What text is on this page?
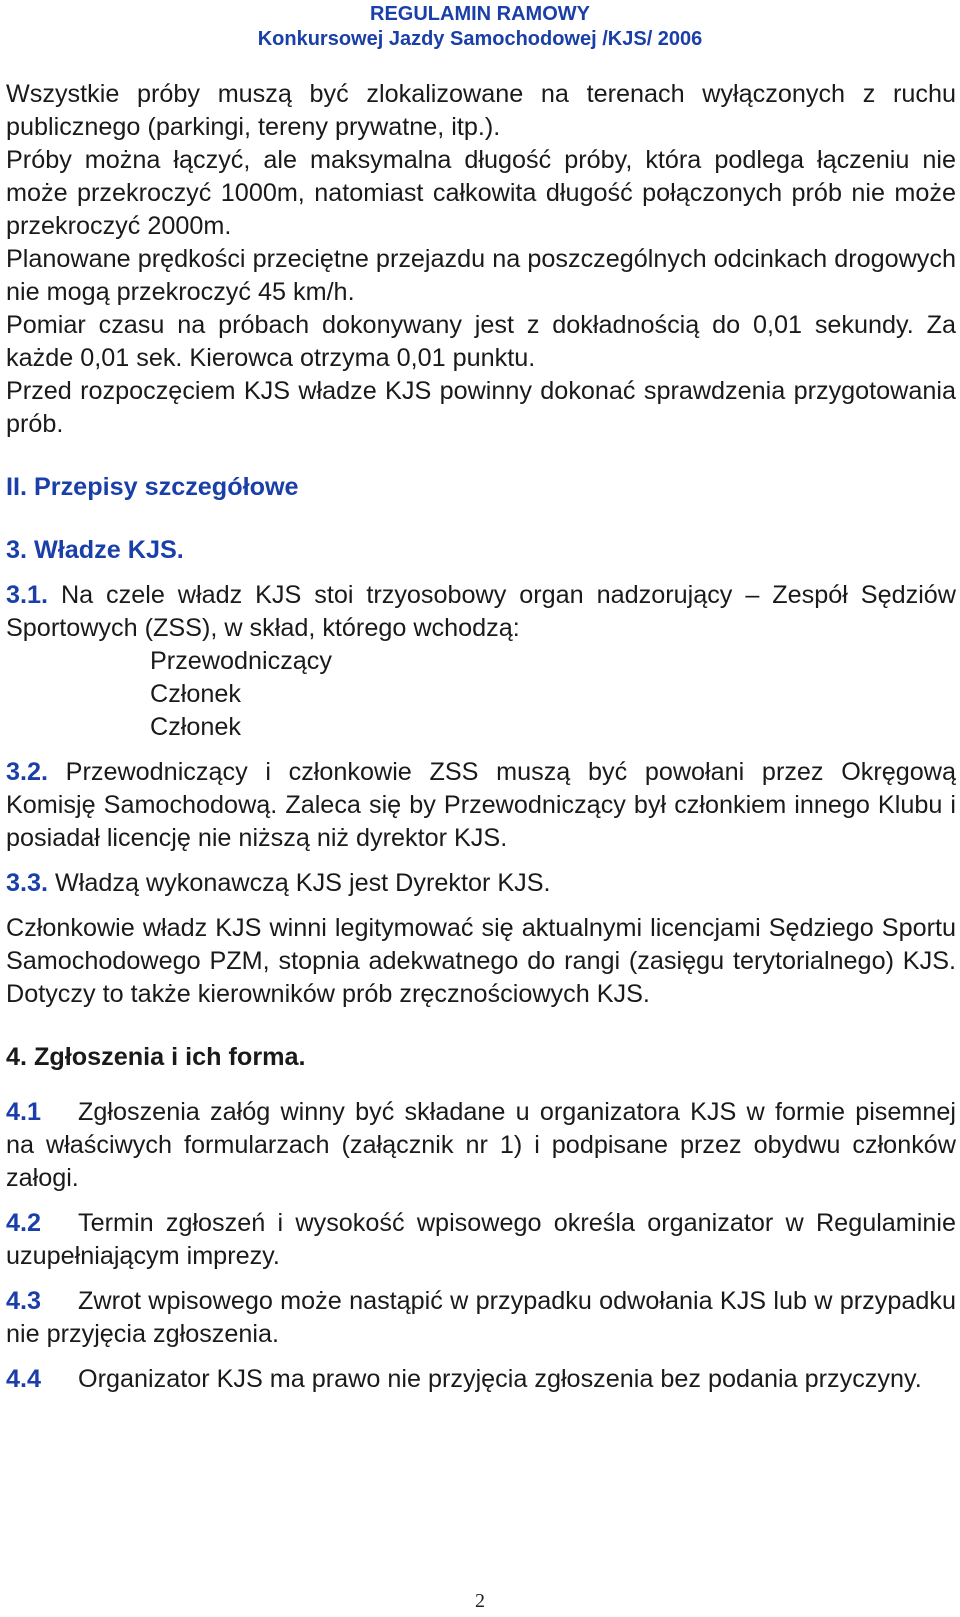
REGULAMIN RAMOWY
Konkursowej Jazdy Samochodowej /KJS/ 2006

Wszystkie próby muszą być zlokalizowane na terenach wyłączonych z ruchu publicznego (parkingi, tereny prywatne, itp.).

Próby można łączyć, ale maksymalna długość próby, która podlega łączeniu nie może przekroczyć 1000m, natomiast całkowita długość połączonych prób nie może przekroczyć 2000m.

Planowane prędkości przeciętne przejazdu na poszczególnych odcinkach drogowych nie mogą przekroczyć 45 km/h.

Pomiar czasu na próbach dokonywany jest z dokładnością do 0,01 sekundy. Za każde 0,01 sek. Kierowca otrzyma 0,01 punktu.

Przed rozpoczęciem KJS władze KJS powinny dokonać sprawdzenia przygotowania prób.

II. Przepisy szczegółowe

3. Władze KJS.

3.1. Na czele władz KJS stoi trzyosobowy organ nadzorujący – Zespół Sędziów Sportowych (ZSS), w skład, którego wchodzą:

Przewodniczący
Członek
Członek

3.2. Przewodniczący i członkowie ZSS muszą być powołani przez Okręgową Komisję Samochodową. Zaleca się by Przewodniczący był członkiem innego Klubu i posiadał licencję nie niższą niż dyrektor KJS.

3.3. Władzą wykonawczą KJS jest Dyrektor KJS.

Członkowie władz KJS winni legitymować się aktualnymi licencjami Sędziego Sportu Samochodowego PZM, stopnia adekwatnego do rangi (zasięgu terytorialnego) KJS. Dotyczy to także kierowników prób zręcznościowych KJS.

4. Zgłoszenia i ich forma.

4.1 Zgłoszenia załóg winny być składane u organizatora KJS w formie pisemnej na właściwych formularzach (załącznik nr 1) i podpisane przez obydwu członków załogi.

4.2 Termin zgłoszeń i wysokość wpisowego określa organizator w Regulaminie uzupełniającym imprezy.

4.3 Zwrot wpisowego może nastąpić w przypadku odwołania KJS lub w przypadku nie przyjęcia zgłoszenia.

4.4 Organizator KJS ma prawo nie przyjęcia zgłoszenia bez podania przyczyny.

2
